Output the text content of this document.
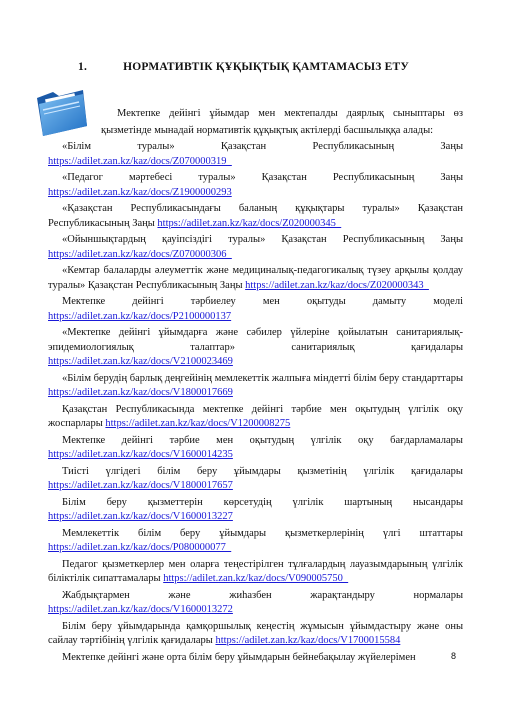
1.	НОРМАТИВТІК ҚҰҚЫҚТЫҚ ҚАМТАМАСЫЗ ЕТУ
Мектепке дейінгі ұйымдар мен мектепалды даярлық сыныптары өз қызметінде мынадай нормативтік құқықтық актілерді басшылыққа алады:
«Білім туралы» Қазақстан Республикасының Заңы https://adilet.zan.kz/kaz/docs/Z070000319_
«Педагог мәртебесі туралы» Қазақстан Республикасының Заңы https://adilet.zan.kz/kaz/docs/Z1900000293
«Қазақстан Республикасындағы баланың құқықтары туралы» Қазақстан Республикасының Заңы https://adilet.zan.kz/kaz/docs/Z020000345_
«Ойыншықтардың қауіпсіздігі туралы» Қазақстан Республикасының Заңы https://adilet.zan.kz/kaz/docs/Z070000306_
«Кемтар балаларды әлеуметтік және медициналық-педагогикалық түзеу арқылы қолдау туралы» Қазақстан Республикасының Заңы https://adilet.zan.kz/kaz/docs/Z020000343_
Мектепке дейінгі тәрбиелеу мен оқытуды дамыту моделі https://adilet.zan.kz/kaz/docs/P2100000137
«Мектепке дейінгі ұйымдарға және сәбилер үйлеріне қойылатын санитариялық-эпидемиологиялық талаптар» санитариялық қағидалары https://adilet.zan.kz/kaz/docs/V2100023469
«Білім берудің барлық деңгейінің мемлекеттік жалпыға міндетті білім беру стандарттары https://adilet.zan.kz/kaz/docs/V1800017669
Қазақстан Республикасында мектепке дейінгі тәрбие мен оқытудың үлгілік оқу жоспарлары https://adilet.zan.kz/kaz/docs/V1200008275
Мектепке дейінгі тәрбие мен оқытудың үлгілік оқу бағдарламалары https://adilet.zan.kz/kaz/docs/V1600014235
Тиісті үлгідегі білім беру ұйымдары қызметінің үлгілік қағидалары https://adilet.zan.kz/kaz/docs/V1800017657
Білім беру қызметтерін көрсетудің үлгілік шартының нысандары https://adilet.zan.kz/kaz/docs/V1600013227
Мемлекеттік білім беру ұйымдары қызметкерлерінің үлгі штаттары https://adilet.zan.kz/kaz/docs/P080000077_
Педагог қызметкерлер мен оларға теңестірілген тұлғалардың лауазымдарының үлгілік біліктілік сипаттамалары https://adilet.zan.kz/kaz/docs/V090005750_
Жабдықтармен және жиһазбен жарақтандыру нормалары https://adilet.zan.kz/kaz/docs/V1600013272
Білім беру ұйымдарында қамқоршылық кеңестің жұмысын ұйымдастыру және оны сайлау тәртібінің үлгілік қағидалары https://adilet.zan.kz/kaz/docs/V1700015584
Мектепке дейінгі және орта білім беру ұйымдарын бейнебақылау жүйелерімен	8
